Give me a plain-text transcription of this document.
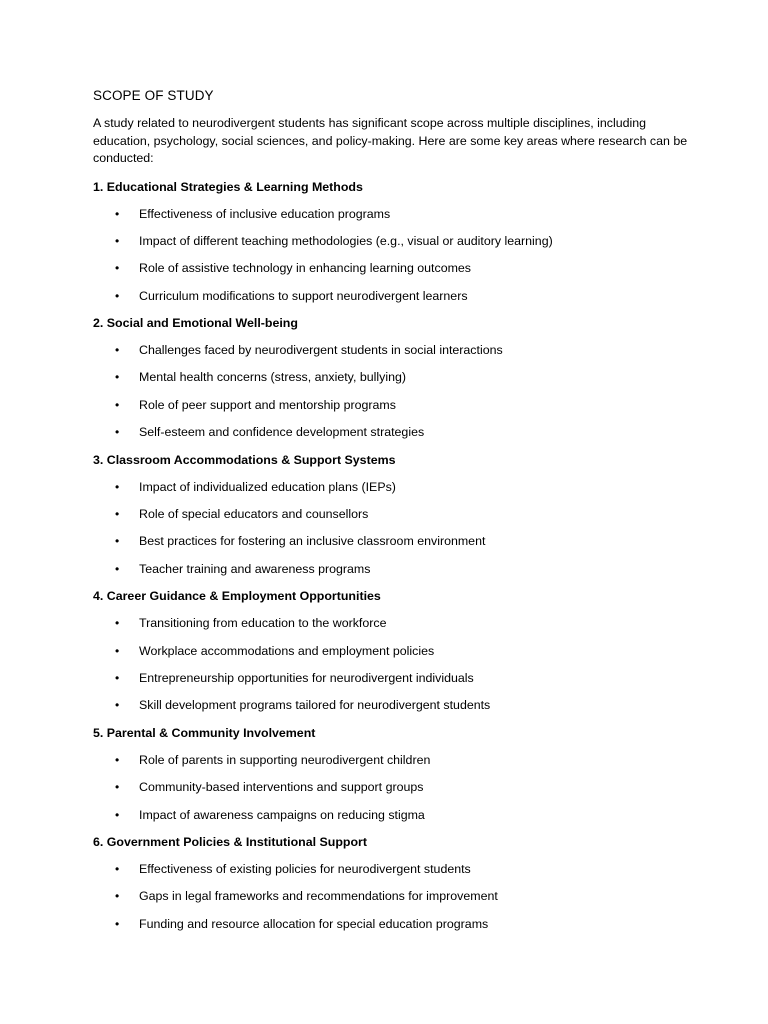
SCOPE OF STUDY

A study related to neurodivergent students has significant scope across multiple disciplines, including education, psychology, social sciences, and policy-making. Here are some key areas where research can be conducted:

1. Educational Strategies & Learning Methods
• Effectiveness of inclusive education programs
• Impact of different teaching methodologies (e.g., visual or auditory learning)
• Role of assistive technology in enhancing learning outcomes
• Curriculum modifications to support neurodivergent learners
2. Social and Emotional Well-being
• Challenges faced by neurodivergent students in social interactions
• Mental health concerns (stress, anxiety, bullying)
• Role of peer support and mentorship programs
• Self-esteem and confidence development strategies
3. Classroom Accommodations & Support Systems
• Impact of individualized education plans (IEPs)
• Role of special educators and counsellors
• Best practices for fostering an inclusive classroom environment
• Teacher training and awareness programs
4. Career Guidance & Employment Opportunities
• Transitioning from education to the workforce
• Workplace accommodations and employment policies
• Entrepreneurship opportunities for neurodivergent individuals
• Skill development programs tailored for neurodivergent students
5. Parental & Community Involvement
• Role of parents in supporting neurodivergent children
• Community-based interventions and support groups
• Impact of awareness campaigns on reducing stigma
6. Government Policies & Institutional Support
• Effectiveness of existing policies for neurodivergent students
• Gaps in legal frameworks and recommendations for improvement
• Funding and resource allocation for special education programs
